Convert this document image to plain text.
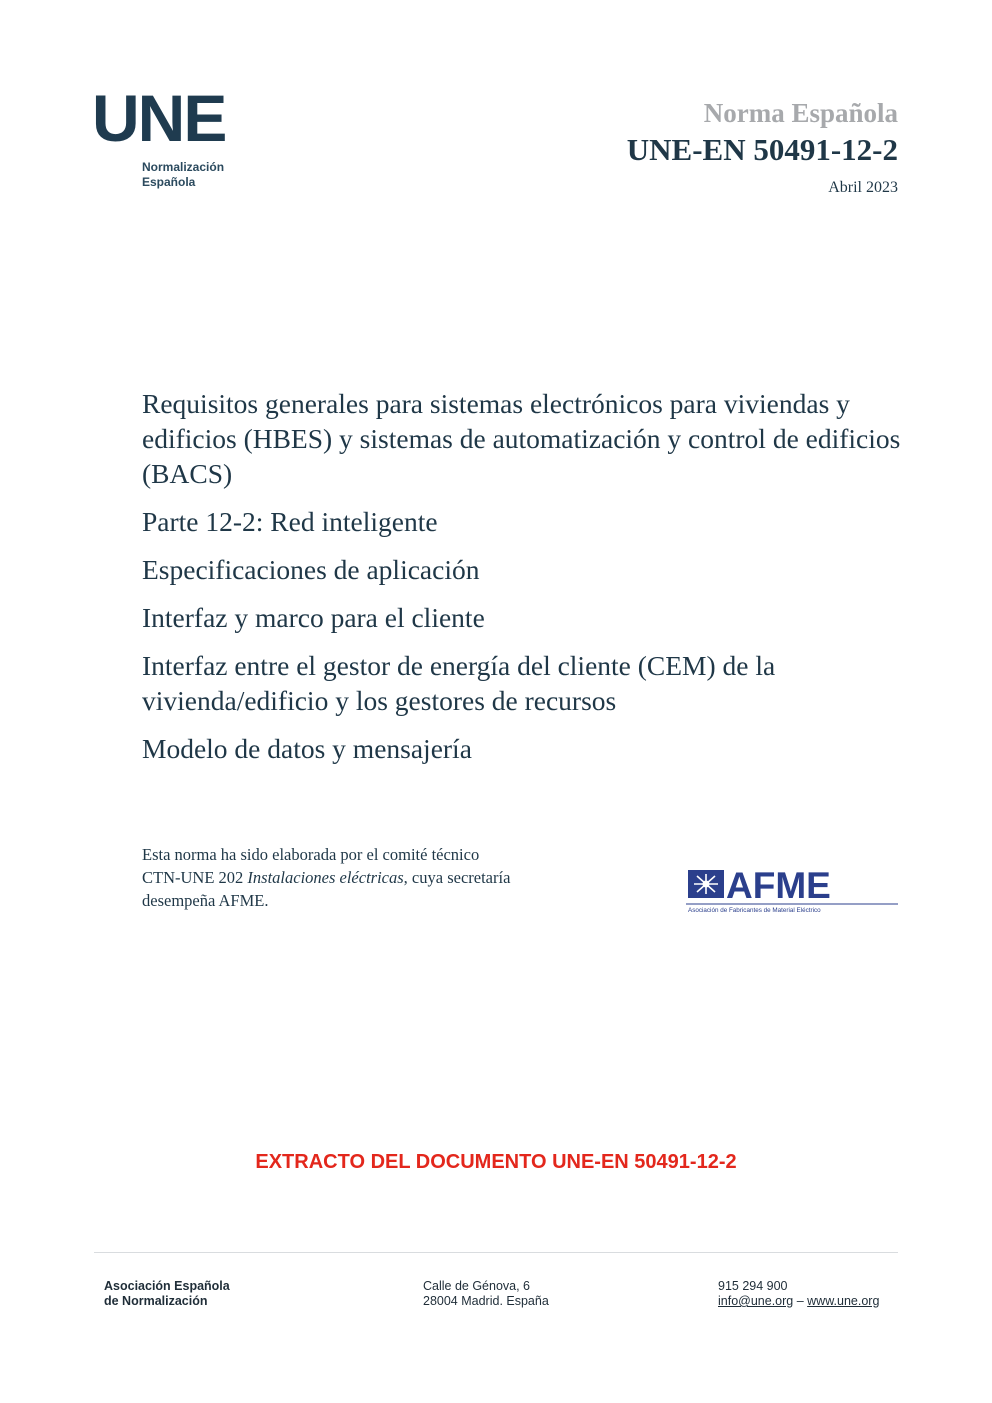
UNE
Normalización
Española
Norma Española
UNE-EN 50491-12-2
Abril 2023

Requisitos generales para sistemas electrónicos para viviendas y edificios (HBES) y sistemas de automatización y control de edificios (BACS)

Parte 12-2: Red inteligente

Especificaciones de aplicación

Interfaz y marco para el cliente

Interfaz entre el gestor de energía del cliente (CEM) de la vivienda/edificio y los gestores de recursos

Modelo de datos y mensajería

Esta norma ha sido elaborada por el comité técnico
CTN-UNE 202 Instalaciones eléctricas, cuya secretaría
desempeña AFME.	AFME
Asociación de Fabricantes de Material Eléctrico
EXTRACTO DEL DOCUMENTO UNE-EN 50491-12-2
Asociación Española
de Normalización
Calle de Génova, 6
28004 Madrid. España
915 294 900
info@une.org – www.une.org
